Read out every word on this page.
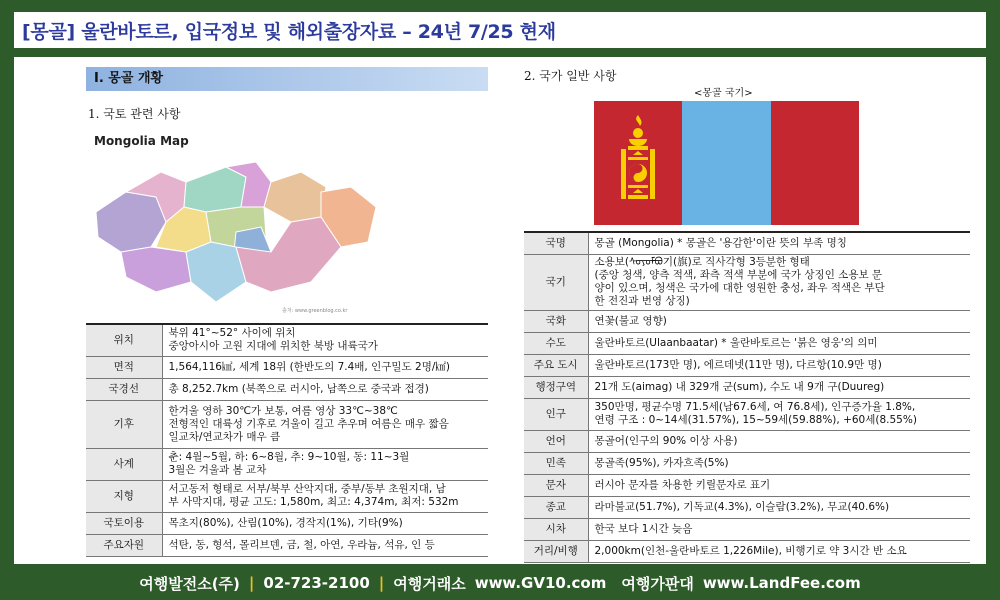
[몽골] 울란바토르, 입국정보 및 해외출장자료 – 24년 7/25 현재
Ⅰ. 몽골 개황
1. 국토 관련 사항
Mongolia Map
출처: www.greenblog.co.kr
위치	북위 41°~52° 사이에 위치
중앙아시아 고원 지대에 위치한 북방 내륙국가

면적	1,564,116㎢, 세계 18위 (한반도의 7.4배, 인구밀도 2명/㎢)

국경선	총 8,252.7km (북쪽으로 러시아, 남쪽으로 중국과 접경)

기후	한겨울 영하 30℃가 보통, 여름 영상 33℃~38℃
전형적인 대륙성 기후로 겨울이 길고 추우며 여름은 매우 짧음
일교차/연교차가 매우 큼

사계	춘: 4월~5월, 하: 6~8월, 추: 9~10월, 동: 11~3월
3월은 겨울과 봄 교차

지형	서고동저 형태로 서부/북부 산악지대, 중부/동부 초원지대, 남
부 사막지대, 평균 고도: 1,580m, 최고: 4,374m, 최저: 532m

국토이용	목초지(80%), 산림(10%), 경작지(1%), 기타(9%)

주요자원	석탄, 동, 형석, 몰리브덴, 금, 철, 아연, 우라늄, 석유, 인 등
2. 국가 일반 사항
<몽골 국기>
국명	몽골 (Mongolia) * 몽골은 '용감한'이란 뜻의 부족 명칭

국기	소용보(ᠰᠣᠶᠣᠮᠪᠣ기(旗)로 직사각형 3등분한 형태
(중앙 청색, 양측 적색, 좌측 적색 부분에 국가 상징인 소용보 문
양이 있으며, 청색은 국가에 대한 영원한 충성, 좌우 적색은 부단
한 전진과 번영 상징)

국화	연꽃(불교 영향)

수도	울란바토르(Ulaanbaatar) * 울란바토르는 '붉은 영웅'의 의미

주요 도시	울란바토르(173만 명), 에르데넷(11만 명), 다르항(10.9만 명)

행정구역	21개 도(aimag) 내 329개 군(sum), 수도 내 9개 구(Duureg)

인구	350만명, 평균수명 71.5세(남67.6세, 여 76.8세), 인구증가율 1.8%,
연령 구조 : 0~14세(31.57%), 15~59세(59.88%), +60세(8.55%)

언어	몽골어(인구의 90% 이상 사용)

민족	몽골족(95%), 카자흐족(5%)

문자	러시아 문자를 차용한 키릴문자로 표기

종교	라마불교(51.7%), 기독교(4.3%), 이슬람(3.2%), 무교(40.6%)

시차	한국 보다 1시간 늦음

거리/비행	2,000km(인천-울란바토르 1,226Mile), 비행기로 약 3시간 반 소요
여행발전소(주) | 02-723-2100 | 여행거래소 www.GV10.com 여행가판대 www.LandFee.com
